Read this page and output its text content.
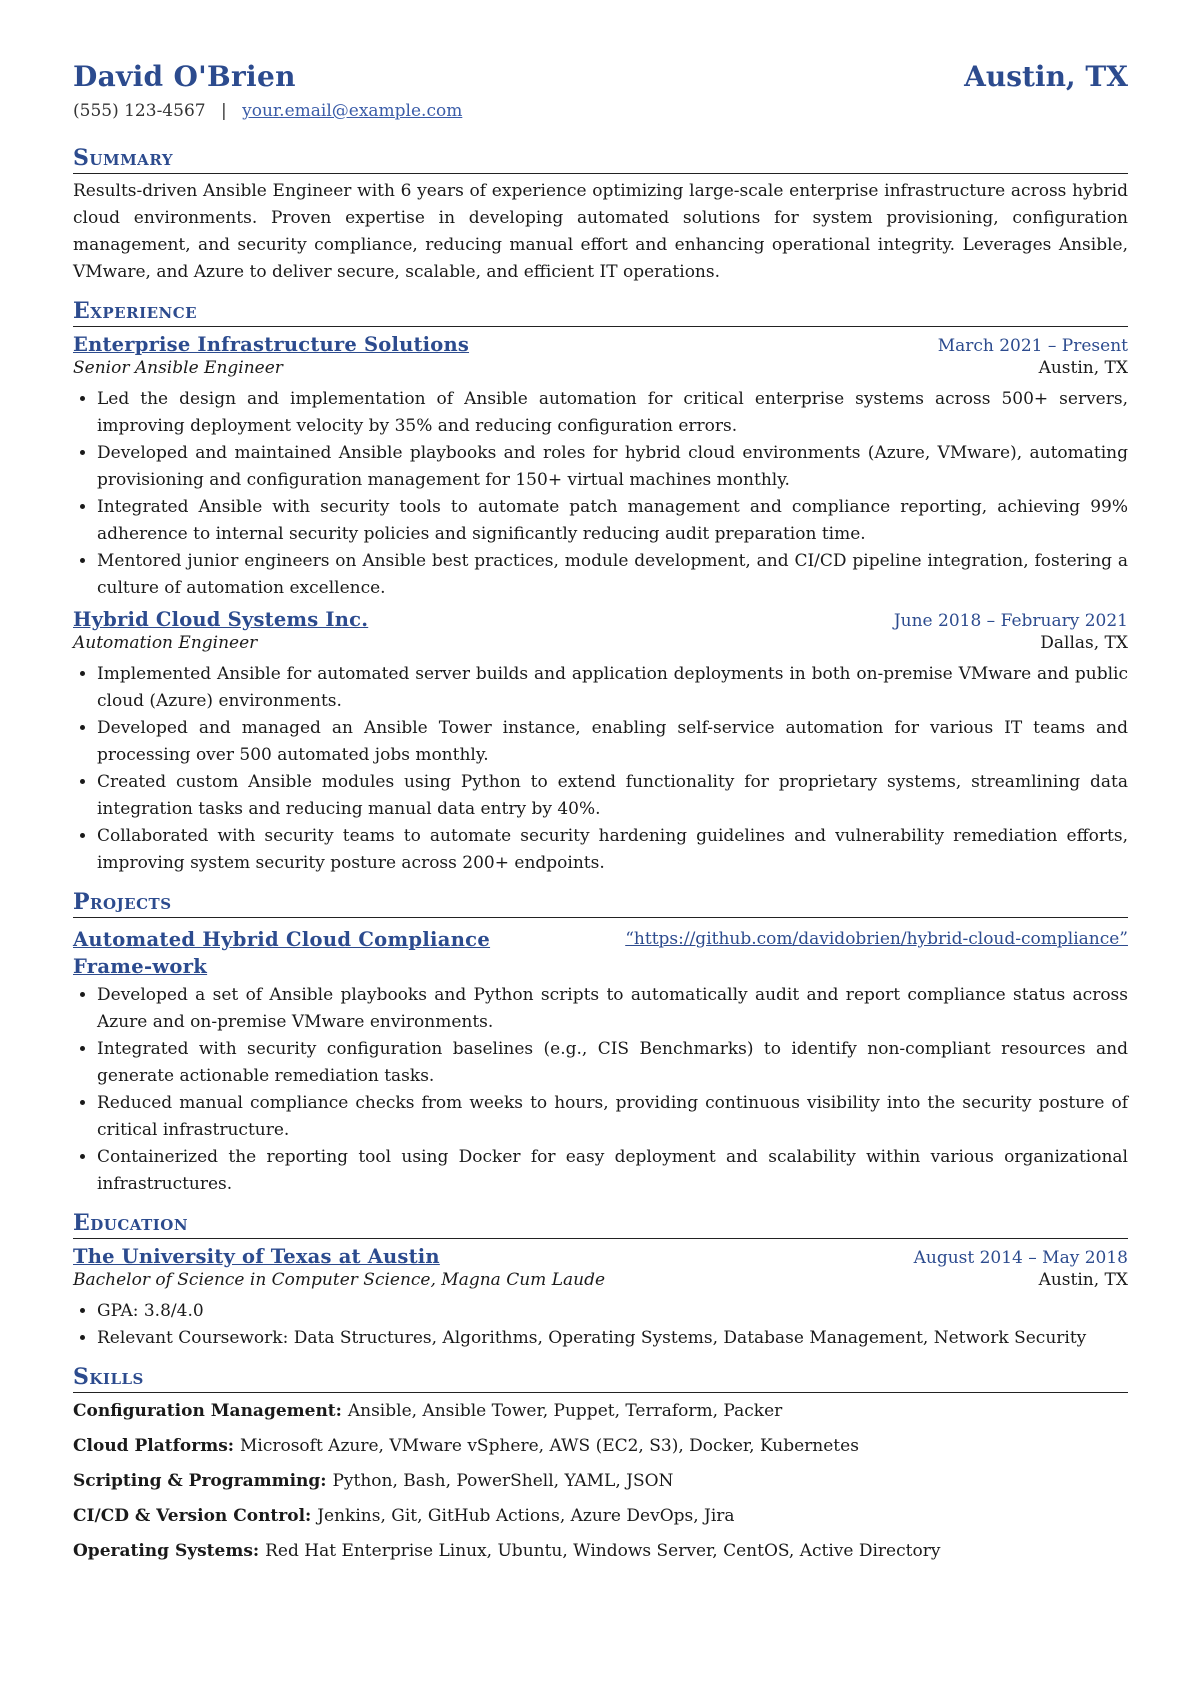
David O'Brien	Austin, TX
(555) 123-4567 | your.email@example.com
Summary
Results-driven Ansible Engineer with 6 years of experience optimizing large-scale enterprise infrastructure across hybrid cloud environments. Proven expertise in developing automated solutions for system provisioning, configuration management, and security compliance, reducing manual effort and enhancing operational integrity. Leverages Ansible, VMware, and Azure to deliver secure, scalable, and efficient IT operations.
Experience
Enterprise Infrastructure Solutions	March 2021 – Present
Senior Ansible Engineer	Austin, TX
• Led the design and implementation of Ansible automation for critical enterprise systems across 500+ servers, improving deployment velocity by 35% and reducing configuration errors.
• Developed and maintained Ansible playbooks and roles for hybrid cloud environments (Azure, VMware), automating provisioning and configuration management for 150+ virtual machines monthly.
• Integrated Ansible with security tools to automate patch management and compliance reporting, achieving 99% adherence to internal security policies and significantly reducing audit preparation time.
• Mentored junior engineers on Ansible best practices, module development, and CI/CD pipeline integration, fostering a culture of automation excellence.
Hybrid Cloud Systems Inc.	June 2018 – February 2021
Automation Engineer	Dallas, TX
• Implemented Ansible for automated server builds and application deployments in both on-premise VMware and public cloud (Azure) environments.
• Developed and managed an Ansible Tower instance, enabling self-service automation for various IT teams and processing over 500 automated jobs monthly.
• Created custom Ansible modules using Python to extend functionality for proprietary systems, streamlining data integration tasks and reducing manual data entry by 40%.
• Collaborated with security teams to automate security hardening guidelines and vulnerability remediation efforts, improving system security posture across 200+ endpoints.
Projects
Automated Hybrid Cloud Compliance Frame-work
“https://github.com/davidobrien/hybrid-cloud-compliance”
• Developed a set of Ansible playbooks and Python scripts to automatically audit and report compliance status across Azure and on-premise VMware environments.
• Integrated with security configuration baselines (e.g., CIS Benchmarks) to identify non-compliant resources and generate actionable remediation tasks.
• Reduced manual compliance checks from weeks to hours, providing continuous visibility into the security posture of critical infrastructure.
• Containerized the reporting tool using Docker for easy deployment and scalability within various organizational infrastructures.
Education
The University of Texas at Austin	August 2014 – May 2018
Bachelor of Science in Computer Science, Magna Cum Laude	Austin, TX
• GPA: 3.8/4.0
• Relevant Coursework: Data Structures, Algorithms, Operating Systems, Database Management, Network Security
Skills
Configuration Management: Ansible, Ansible Tower, Puppet, Terraform, Packer
Cloud Platforms: Microsoft Azure, VMware vSphere, AWS (EC2, S3), Docker, Kubernetes
Scripting & Programming: Python, Bash, PowerShell, YAML, JSON
CI/CD & Version Control: Jenkins, Git, GitHub Actions, Azure DevOps, Jira
Operating Systems: Red Hat Enterprise Linux, Ubuntu, Windows Server, CentOS, Active Directory
